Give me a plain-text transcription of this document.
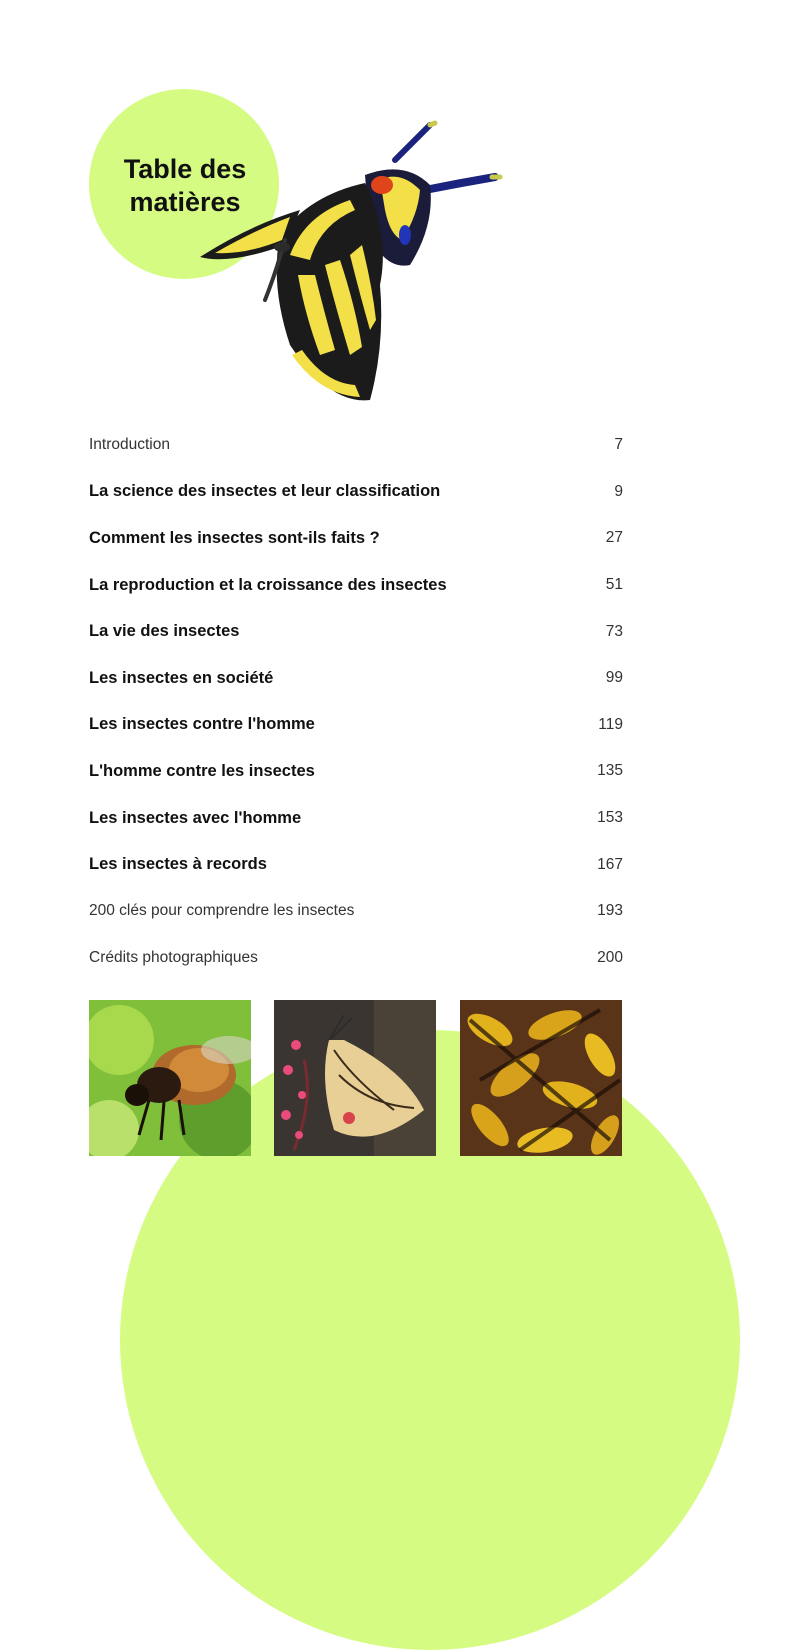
Table des
matières
Introduction	7
La science des insectes et leur classification	9
Comment les insectes sont-ils faits ?	27
La reproduction et la croissance des insectes	51
La vie des insectes	73
Les insectes en société	99
Les insectes contre l'homme	119
L'homme contre les insectes	135
Les insectes avec l'homme	153
Les insectes à records	167
200 clés pour comprendre les insectes	193
Crédits photographiques	200
